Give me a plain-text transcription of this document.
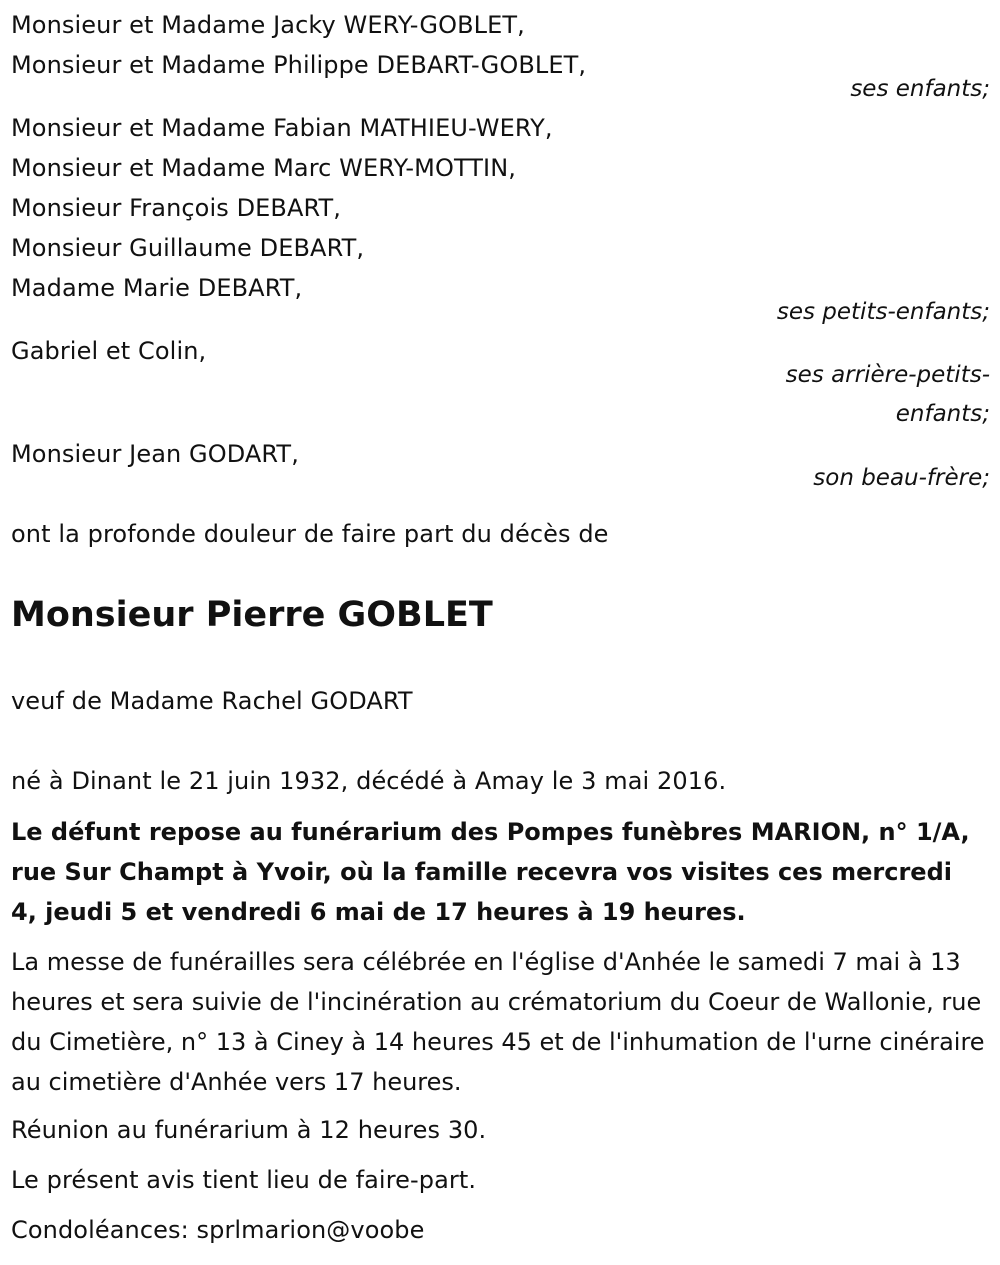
Monsieur et Madame Jacky WERY-GOBLET,
Monsieur et Madame Philippe DEBART-GOBLET,
ses enfants;
Monsieur et Madame Fabian MATHIEU-WERY,
Monsieur et Madame Marc WERY-MOTTIN,
Monsieur François DEBART,
Monsieur Guillaume DEBART,
Madame Marie DEBART,
ses petits-enfants;
Gabriel et Colin,
ses arrière-petits-
enfants;
Monsieur Jean GODART,
son beau-frère;
ont la profonde douleur de faire part du décès de
Monsieur Pierre GOBLET
veuf de Madame Rachel GODART
né à Dinant le 21 juin 1932, décédé à Amay le 3 mai 2016.
Le défunt repose au funérarium des Pompes funèbres MARION, n° 1/A, rue Sur Champt à Yvoir, où la famille recevra vos visites ces mercredi 4, jeudi 5 et vendredi 6 mai de 17 heures à 19 heures.
La messe de funérailles sera célébrée en l'église d'Anhée le samedi 7 mai à 13 heures et sera suivie de l'incinération au crématorium du Coeur de Wallonie, rue du Cimetière, n° 13 à Ciney à 14 heures 45 et de l'inhumation de l'urne cinéraire au cimetière d'Anhée vers 17 heures.
Réunion au funérarium à 12 heures 30.
Le présent avis tient lieu de faire-part.
Condoléances: sprlmarion@voobe
